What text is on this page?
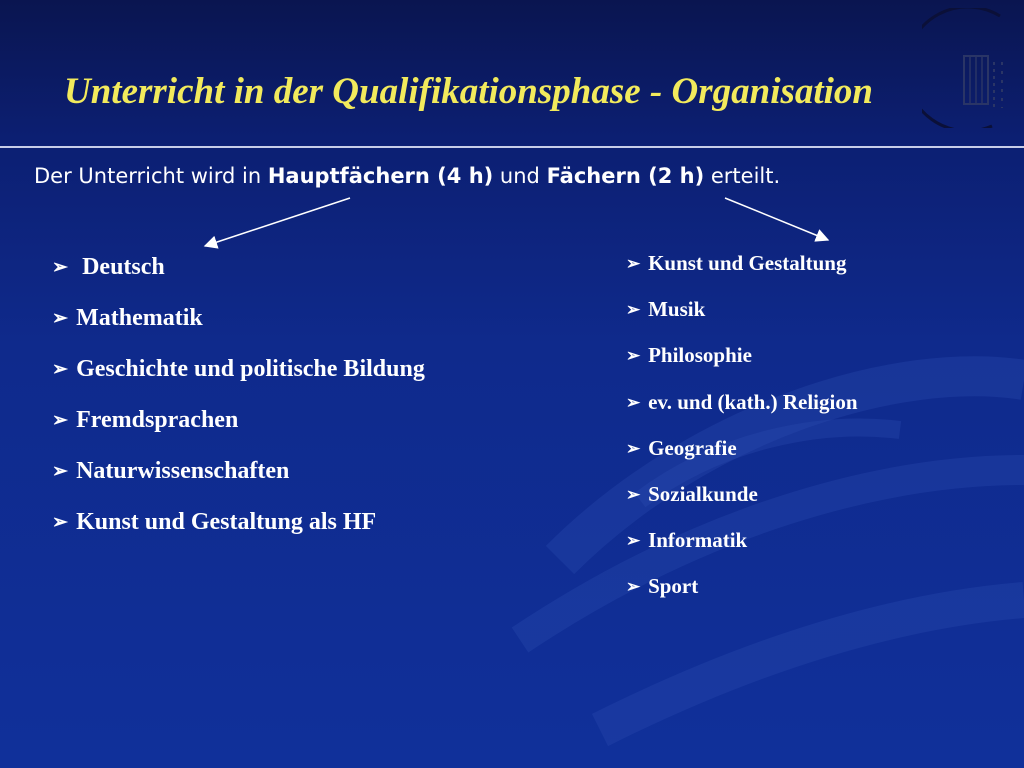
Unterricht in der Qualifikationsphase - Organisation
Der Unterricht wird in Hauptfächern (4 h) und Fächern (2 h) erteilt.
➢ Deutsch
➢ Mathematik
➢ Geschichte und politische Bildung
➢ Fremdsprachen
➢ Naturwissenschaften
➢ Kunst und Gestaltung als HF
➢ Kunst und Gestaltung
➢ Musik
➢ Philosophie
➢ ev. und (kath.) Religion
➢ Geografie
➢ Sozialkunde
➢ Informatik
➢ Sport
